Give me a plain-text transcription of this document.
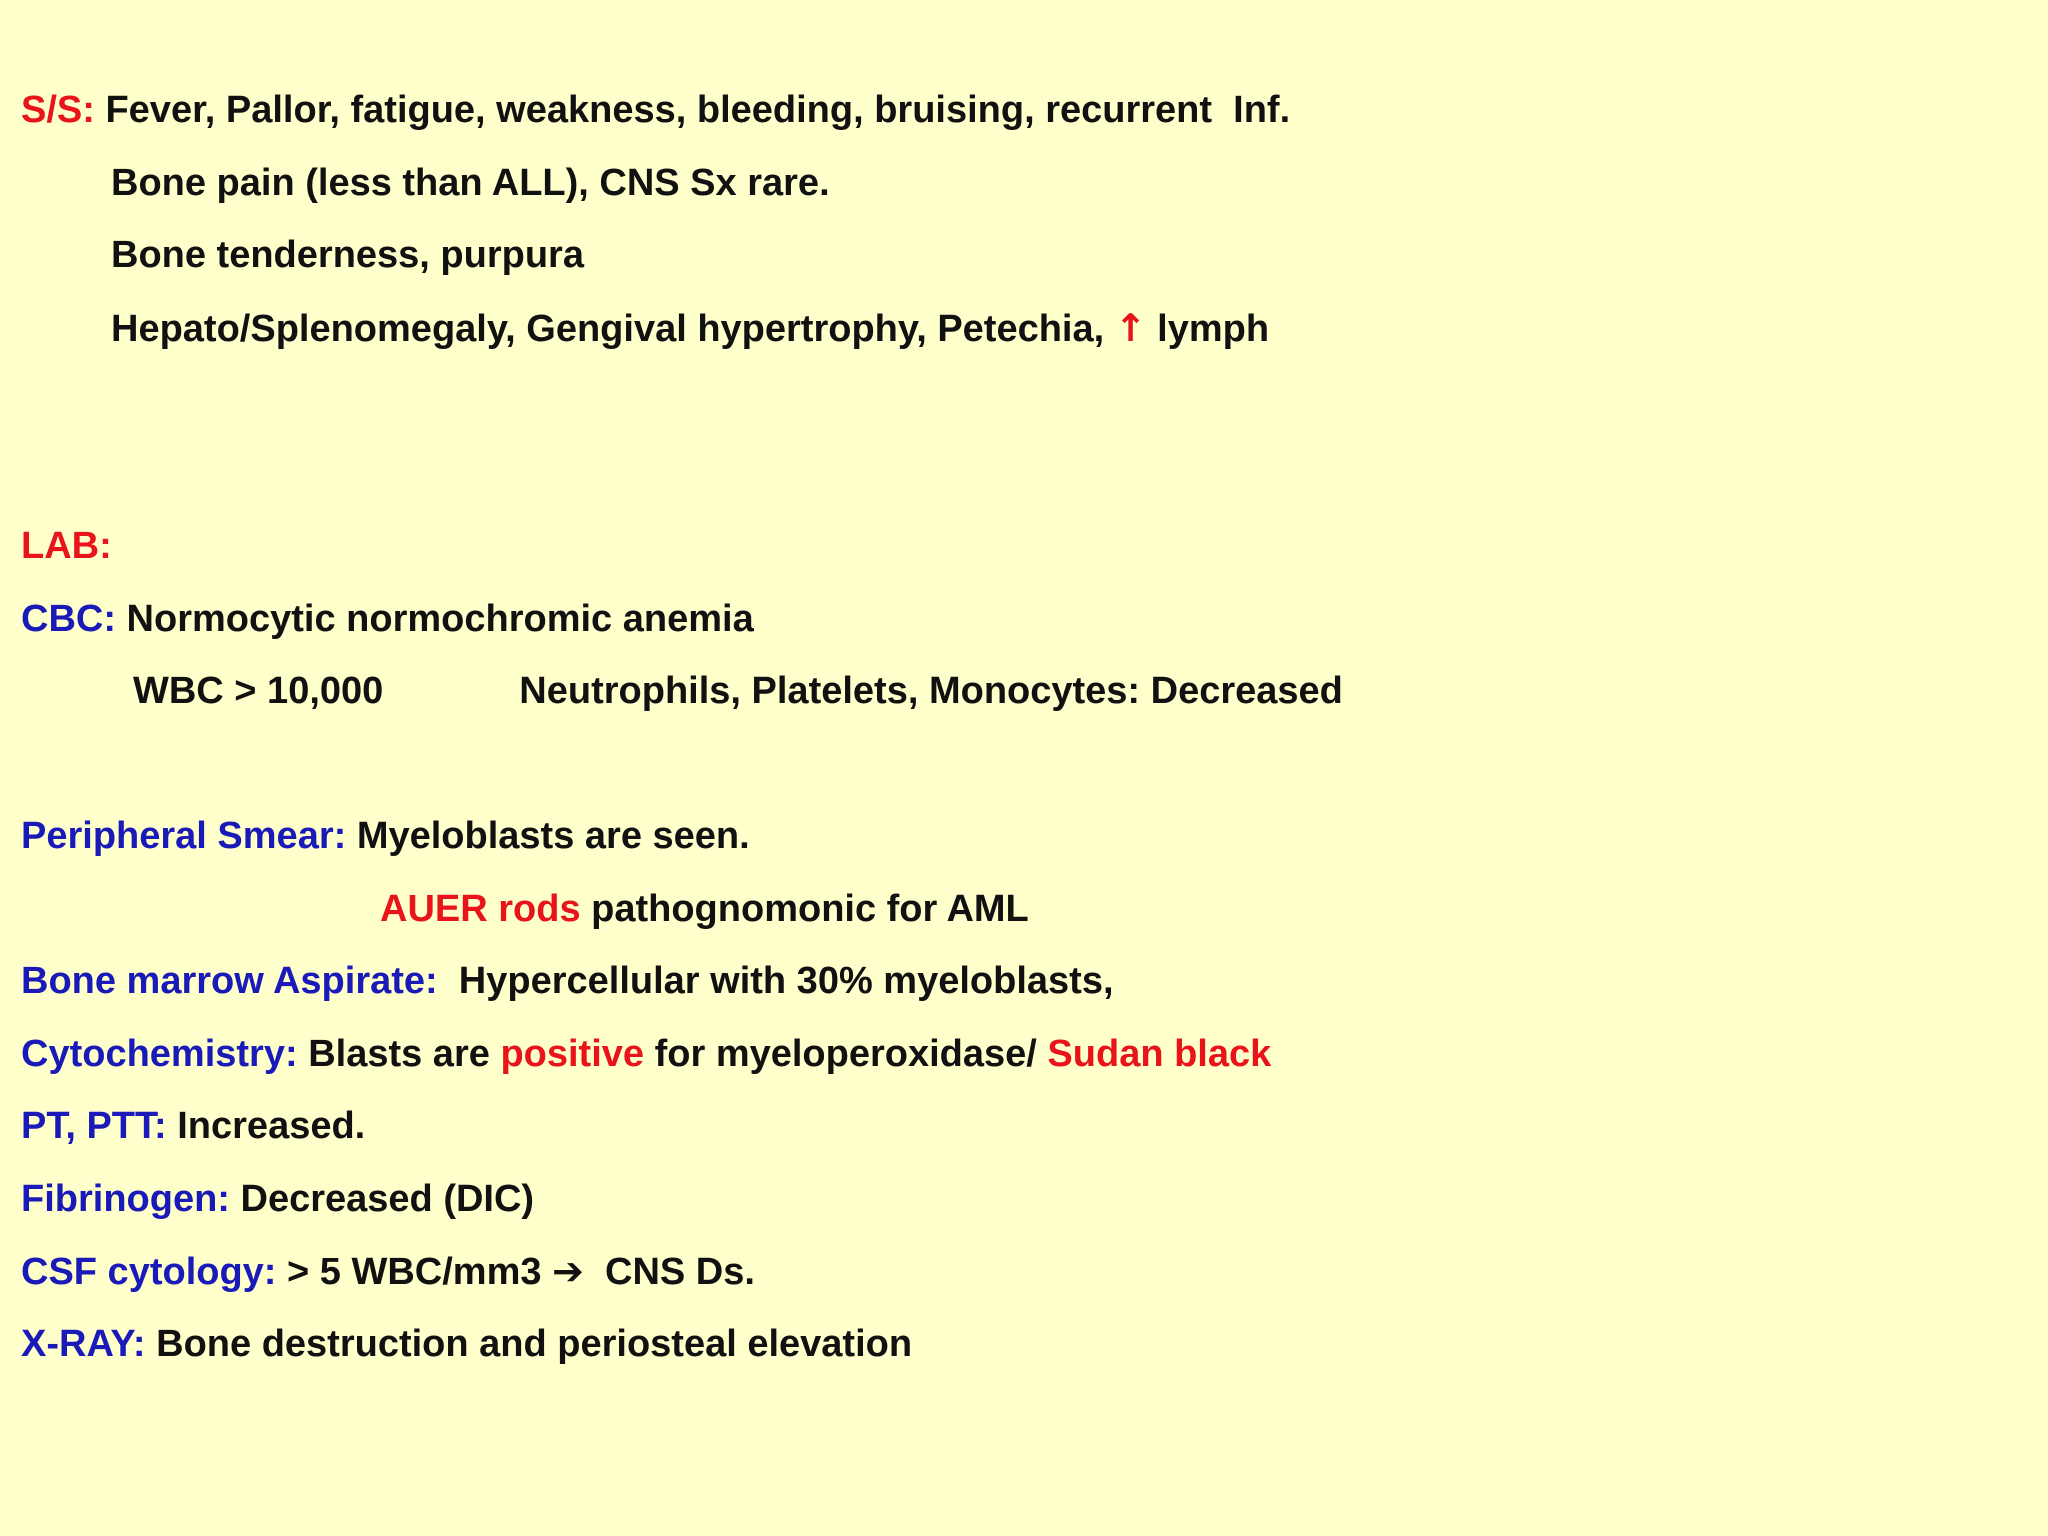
S/S: Fever, Pallor, fatigue, weakness, bleeding, bruising, recurrent  Inf.
Bone pain (less than ALL), CNS Sx rare.
Bone tenderness, purpura
Hepato/Splenomegaly, Gengival hypertrophy, Petechia, ↑ lymph
LAB:
CBC: Normocytic normochromic anemia
WBC > 10,000	Neutrophils, Platelets, Monocytes: Decreased
Peripheral Smear: Myeloblasts are seen.
AUER rods pathognomonic for AML
Bone marrow Aspirate:  Hypercellular with 30% myeloblasts,
Cytochemistry: Blasts are positive for myeloperoxidase/ Sudan black
PT, PTT: Increased.
Fibrinogen: Decreased (DIC)
CSF cytology: > 5 WBC/mm3 ➔  CNS Ds.
X-RAY: Bone destruction and periosteal elevation
